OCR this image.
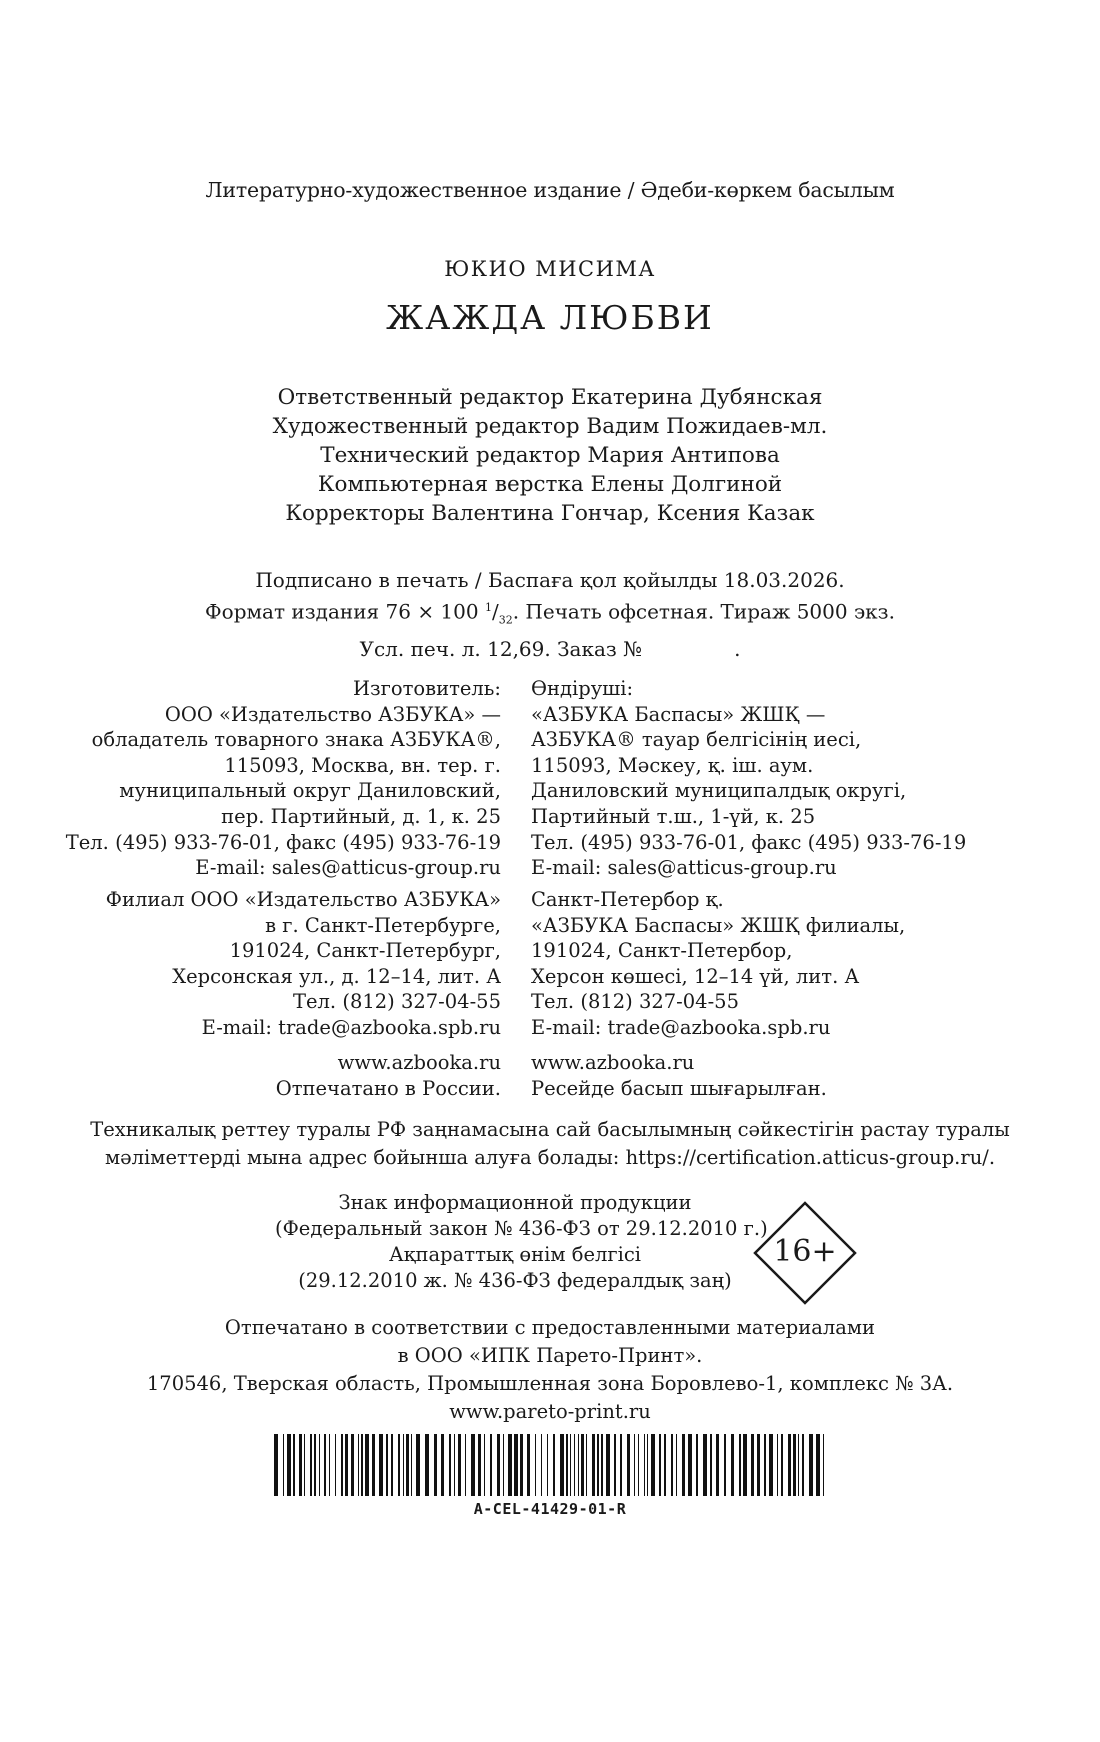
Литературно-художественное издание / Әдеби-көркем басылым
ЮКИО МИСИМА
ЖАЖДА ЛЮБВИ
Ответственный редактор Екатерина Дубянская
Художественный редактор Вадим Пожидаев-мл.
Технический редактор Мария Антипова
Компьютерная верстка Елены Долгиной
Корректоры Валентина Гончар, Ксения Казак
Подписано в печать / Баспаға қол қойылды 18.03.2026.
Формат издания 76 × 100 $^1/_{32}$. Печать офсетная. Тираж 5000 экз.
Усл. печ. л. 12,69. Заказ №	.
Изготовитель:
ООО «Издательство АЗБУКА» —
обладатель товарного знака АЗБУКА®,
115093, Москва, вн. тер. г.
муниципальный округ Даниловский,
пер. Партийный, д. 1, к. 25
Тел. (495) 933-76-01, факс (495) 933-76-19
E-mail: sales@atticus-group.ru
Өндіруші:
«АЗБУКА Баспасы» ЖШҚ —
АЗБУКА® тауар белгісінің иесі,
115093, Мәскеу, қ. іш. аум.
Даниловский муниципалдық округі,
Партийный т.ш., 1-үй, к. 25
Тел. (495) 933-76-01, факс (495) 933-76-19
E-mail: sales@atticus-group.ru
Филиал ООО «Издательство АЗБУКА»
в г. Санкт-Петербурге,
191024, Санкт-Петербург,
Херсонская ул., д. 12–14, лит. А
Тел. (812) 327-04-55
E-mail: trade@azbooka.spb.ru
Санкт-Петербор қ.
«АЗБУКА Баспасы» ЖШҚ филиалы,
191024, Санкт-Петербор,
Херсон көшесі, 12–14 үй, лит. А
Тел. (812) 327-04-55
E-mail: trade@azbooka.spb.ru
www.azbooka.ru
Отпечатано в России.
www.azbooka.ru
Ресейде басып шығарылған.
Техникалық реттеу туралы РФ заңнамасына сай басылымның сәйкестігін растау туралы
мәліметтерді мына адрес бойынша алуға болады: https://certification.atticus-group.ru/.
Знак информационной продукции
(Федеральный закон № 436-ФЗ от 29.12.2010 г.)
Ақпараттық өнім белгісі
(29.12.2010 ж. № 436-ФЗ федералдық заң)
16+
Отпечатано в соответствии с предоставленными материалами
в ООО «ИПК Парето-Принт».
170546, Тверская область, Промышленная зона Боровлево-1, комплекс № 3А.
www.pareto-print.ru
A-CEL-41429-01-R
